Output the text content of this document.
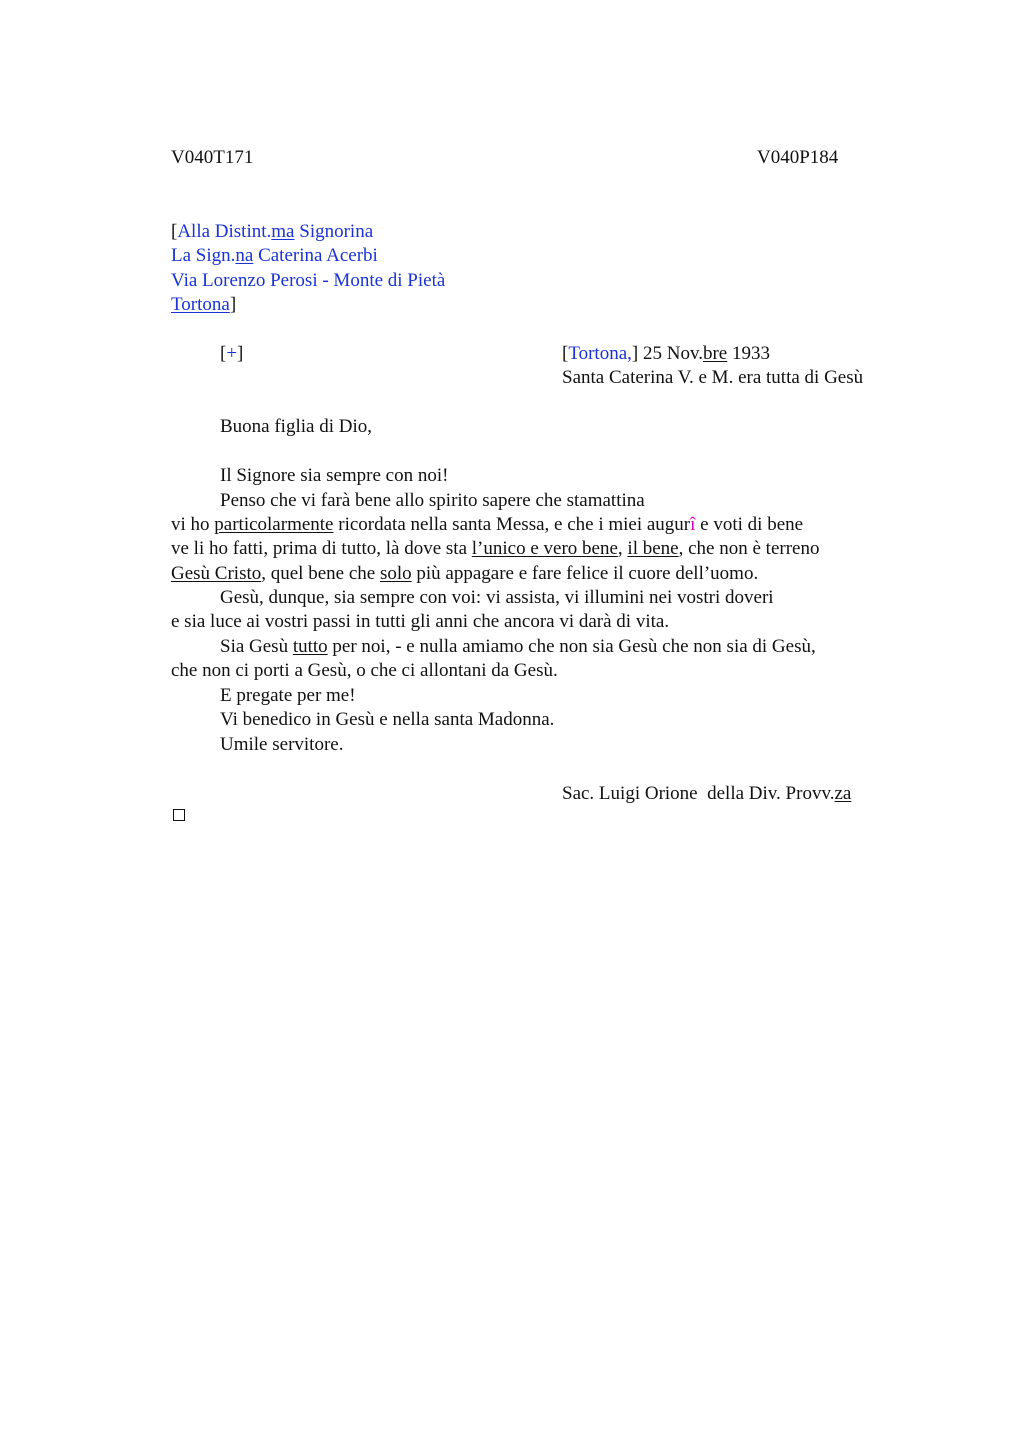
V040T171	V040P184
[Alla Distint.ma Signorina
La Sign.na Caterina Acerbi
Via Lorenzo Perosi - Monte di Pietà
Tortona]
[+]	[Tortona,] 25 Nov.bre 1933
Santa Caterina V. e M. era tutta di Gesù
Buona figlia di Dio,
Il Signore sia sempre con noi!
Penso che vi farà bene allo spirito sapere che stamattina
vi ho particolarmente ricordata nella santa Messa, e che i miei augurî e voti di bene
ve li ho fatti, prima di tutto, là dove sta l’unico e vero bene, il bene, che non è terreno
Gesù Cristo, quel bene che solo più appagare e fare felice il cuore dell’uomo.
Gesù, dunque, sia sempre con voi: vi assista, vi illumini nei vostri doveri
e sia luce ai vostri passi in tutti gli anni che ancora vi darà di vita.
Sia Gesù tutto per noi, - e nulla amiamo che non sia Gesù che non sia di Gesù,
che non ci porti a Gesù, o che ci allontani da Gesù.
E pregate per me!
Vi benedico in Gesù e nella santa Madonna.
Umile servitore.
Sac. Luigi Orione  della Div. Provv.za
